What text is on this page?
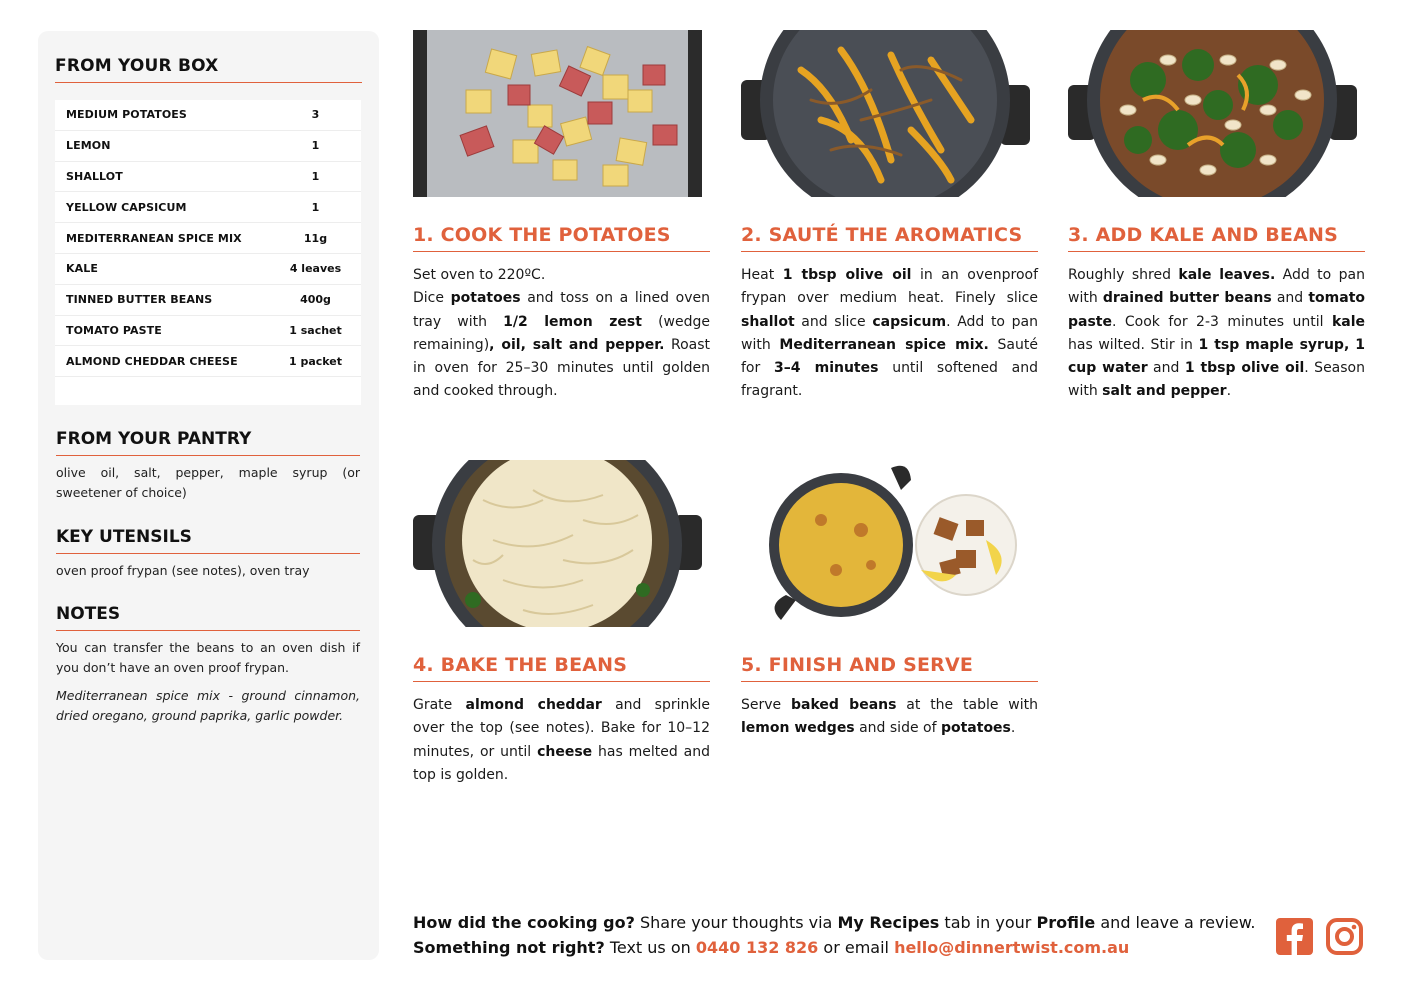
FROM YOUR BOX
MEDIUM POTATOES	3
LEMON	1
SHALLOT	1
YELLOW CAPSICUM	1
MEDITERRANEAN SPICE MIX	11g
KALE	4 leaves
TINNED BUTTER BEANS	400g
TOMATO PASTE	1 sachet
ALMOND CHEDDAR CHEESE	1 packet
FROM YOUR PANTRY
olive oil, salt, pepper, maple syrup (or sweetener of choice)
KEY UTENSILS
oven proof frypan (see notes), oven tray
NOTES
You can transfer the beans to an oven dish if you don’t have an oven proof frypan.
Mediterranean spice mix - ground cinnamon, dried oregano, ground paprika, garlic powder.
1. COOK THE POTATOES
Set oven to 220ºC.
Dice potatoes and toss on a lined oven tray with 1/2 lemon zest (wedge remaining), oil, salt and pepper. Roast in oven for 25–30 minutes until golden and cooked through.
2. SAUTÉ THE AROMATICS
Heat 1 tbsp olive oil in an ovenproof frypan over medium heat. Finely slice shallot and slice capsicum. Add to pan with Mediterranean spice mix. Sauté for 3–4 minutes until softened and fragrant.
3. ADD KALE AND BEANS
Roughly shred kale leaves. Add to pan with drained butter beans and tomato paste. Cook for 2-3 minutes until kale has wilted. Stir in 1 tsp maple syrup, 1 cup water and 1 tbsp olive oil. Season with salt and pepper.
4. BAKE THE BEANS
Grate almond cheddar and sprinkle over the top (see notes). Bake for 10–12 minutes, or until cheese has melted and top is golden.
5. FINISH AND SERVE
Serve baked beans at the table with lemon wedges and side of potatoes.
How did the cooking go? Share your thoughts via My Recipes tab in your Profile and leave a review.
Something not right? Text us on 0440 132 826 or email hello@dinnertwist.com.au
